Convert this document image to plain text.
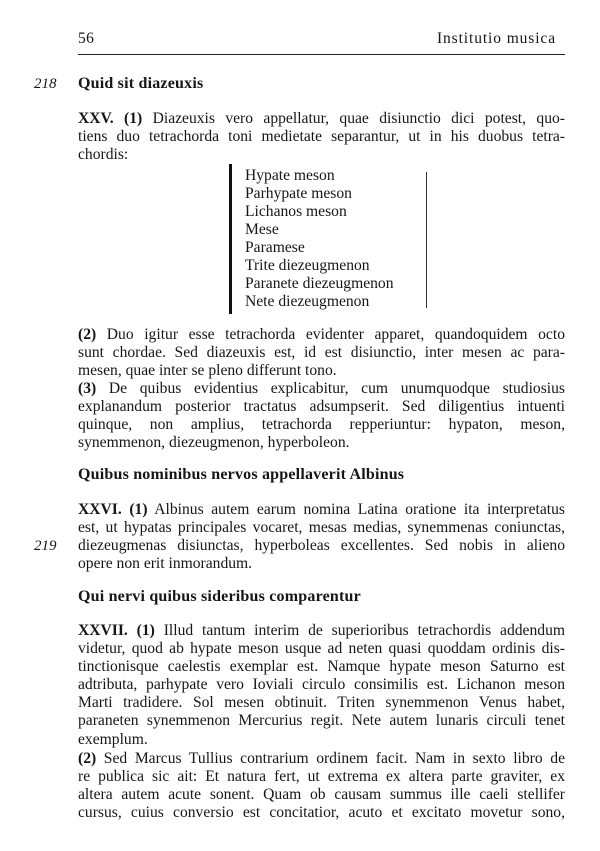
56	Institutio musica
218 Quid sit diazeuxis
XXV. (1) Diazeuxis vero appellatur, quae disiunctio dici potest, quo-
tiens duo tetrachorda toni medietate separantur, ut in his duobus tetra-
chordis:
Hypate meson
Parhypate meson
Lichanos meson
Mese
Paramese
Trite diezeugmenon
Paranete diezeugmenon
Nete diezeugmenon
(2) Duo igitur esse tetrachorda evidenter apparet, quandoquidem octo
sunt chordae. Sed diazeuxis est, id est disiunctio, inter mesen ac para-
mesen, quae inter se pleno differunt tono.
(3) De quibus evidentius explicabitur, cum unumquodque studiosius
explanandum posterior tractatus adsumpserit. Sed diligentius intuenti
quinque, non amplius, tetrachorda repperiuntur: hypaton, meson,
synemmenon, diezeugmenon, hyperboleon.
Quibus nominibus nervos appellaverit Albinus
XXVI. (1) Albinus autem earum nomina Latina oratione ita interpretatus
est, ut hypatas principales vocaret, mesas medias, synemmenas coniunctas,
diezeugmenas disiunctas, hyperboleas excellentes. Sed nobis in alieno
opere non erit inmorandum.
219
Qui nervi quibus sideribus comparentur
XXVII. (1) Illud tantum interim de superioribus tetrachordis addendum
videtur, quod ab hypate meson usque ad neten quasi quoddam ordinis dis-
tinctionisque caelestis exemplar est. Namque hypate meson Saturno est
adtributa, parhypate vero Ioviali circulo consimilis est. Lichanon meson
Marti tradidere. Sol mesen obtinuit. Triten synemmenon Venus habet,
paraneten synemmenon Mercurius regit. Nete autem lunaris circuli tenet
exemplum.
(2) Sed Marcus Tullius contrarium ordinem facit. Nam in sexto libro de
re publica sic ait: Et natura fert, ut extrema ex altera parte graviter, ex
altera autem acute sonent. Quam ob causam summus ille caeli stellifer
cursus, cuius conversio est concitatior, acuto et excitato movetur sono,
